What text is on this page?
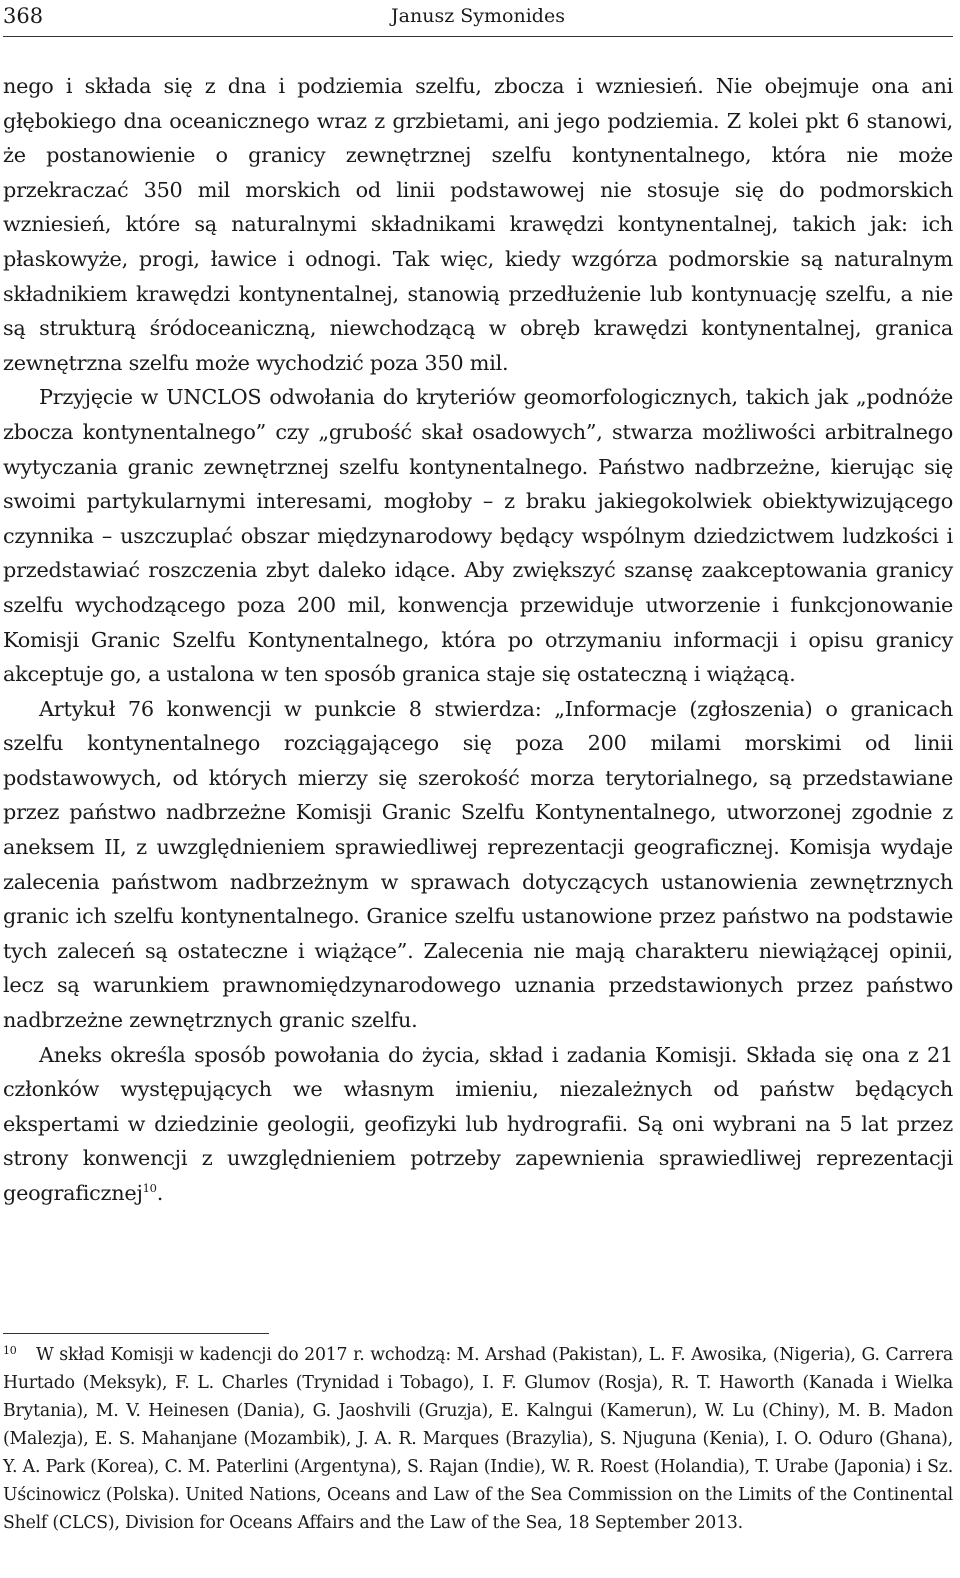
368	Janusz Symonides

nego i składa się z dna i podziemia szelfu, zbocza i wzniesień. Nie obejmuje ona ani głębokiego dna oceanicznego wraz z grzbietami, ani jego podziemia. Z kolei pkt 6 stanowi, że postanowienie o granicy zewnętrznej szelfu kontynentalnego, która nie może przekraczać 350 mil morskich od linii podstawowej nie stosuje się do podmorskich wzniesień, które są naturalnymi składnikami krawędzi kontynentalnej, takich jak: ich płaskowyże, progi, ławice i odnogi. Tak więc, kiedy wzgórza podmorskie są naturalnym składnikiem krawędzi kontynentalnej, stanowią przedłużenie lub kontynuację szelfu, a nie są strukturą śródoceaniczną, niewchodzącą w obręb krawędzi kontynentalnej, granica zewnętrzna szelfu może wychodzić poza 350 mil.

Przyjęcie w UNCLOS odwołania do kryteriów geomorfologicznych, takich jak „podnóże zbocza kontynentalnego” czy „grubość skał osadowych”, stwarza możliwości arbitralnego wytyczania granic zewnętrznej szelfu kontynentalnego. Państwo nadbrzeżne, kierując się swoimi partykularnymi interesami, mogłoby – z braku jakiegokolwiek obiektywizującego czynnika – uszczuplać obszar międzynarodowy będący wspólnym dziedzictwem ludzkości i przedstawiać roszczenia zbyt daleko idące. Aby zwiększyć szansę zaakceptowania granicy szelfu wychodzącego poza 200 mil, konwencja przewiduje utworzenie i funkcjonowanie Komisji Granic Szelfu Kontynentalnego, która po otrzymaniu informacji i opisu granicy akceptuje go, a ustalona w ten sposób granica staje się ostateczną i wiążącą.

Artykuł 76 konwencji w punkcie 8 stwierdza: „Informacje (zgłoszenia) o granicach szelfu kontynentalnego rozciągającego się poza 200 milami morskimi od linii podstawowych, od których mierzy się szerokość morza terytorialnego, są przedstawiane przez państwo nadbrzeżne Komisji Granic Szelfu Kontynentalnego, utworzonej zgodnie z aneksem II, z uwzględnieniem sprawiedliwej reprezentacji geograficznej. Komisja wydaje zalecenia państwom nadbrzeżnym w sprawach dotyczących ustanowienia zewnętrznych granic ich szelfu kontynentalnego. Granice szelfu ustanowione przez państwo na podstawie tych zaleceń są ostateczne i wiążące”. Zalecenia nie mają charakteru niewiążącej opinii, lecz są warunkiem prawnomiędzynarodowego uznania przedstawionych przez państwo nadbrzeżne zewnętrznych granic szelfu.

Aneks określa sposób powołania do życia, skład i zadania Komisji. Składa się ona z 21 członków występujących we własnym imieniu, niezależnych od państw będących ekspertami w dziedzinie geologii, geofizyki lub hydrografii. Są oni wybrani na 5 lat przez strony konwencji z uwzględnieniem potrzeby zapewnienia sprawiedliwej reprezentacji geograficznej$^{10}$.

10 W skład Komisji w kadencji do 2017 r. wchodzą: M. Arshad (Pakistan), L. F. Awosika, (Nigeria), G. Carrera Hurtado (Meksyk), F. L. Charles (Trynidad i Tobago), I. F. Glumov (Rosja), R. T. Haworth (Kanada i Wielka Brytania), M. V. Heinesen (Dania), G. Jaoshvili (Gruzja), E. Kalngui (Kamerun), W. Lu (Chiny), M. B. Madon (Malezja), E. S. Mahanjane (Mozambik), J. A. R. Marques (Brazylia), S. Njuguna (Kenia), I. O. Oduro (Ghana), Y. A. Park (Korea), C. M. Paterlini (Argentyna), S. Rajan (Indie), W. R. Roest (Holandia), T. Urabe (Japonia) i Sz. Uścinowicz (Polska). United Nations, Oceans and Law of the Sea Commission on the Limits of the Continental Shelf (CLCS), Division for Oceans Affairs and the Law of the Sea, 18 September 2013.
